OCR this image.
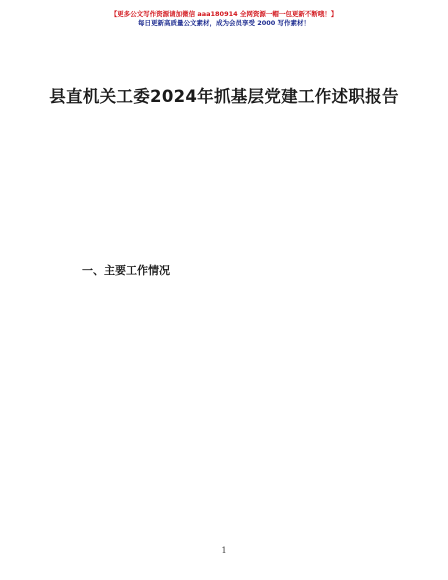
【更多公文写作资源请加微信 aaa180914 全网资源一帽一包更新不断哦！】
每日更新高质量公文素材，成为会员享受 2000 写作素材！
县直机关工委2024年抓基层党建工作述职报告
一、主要工作情况
1
